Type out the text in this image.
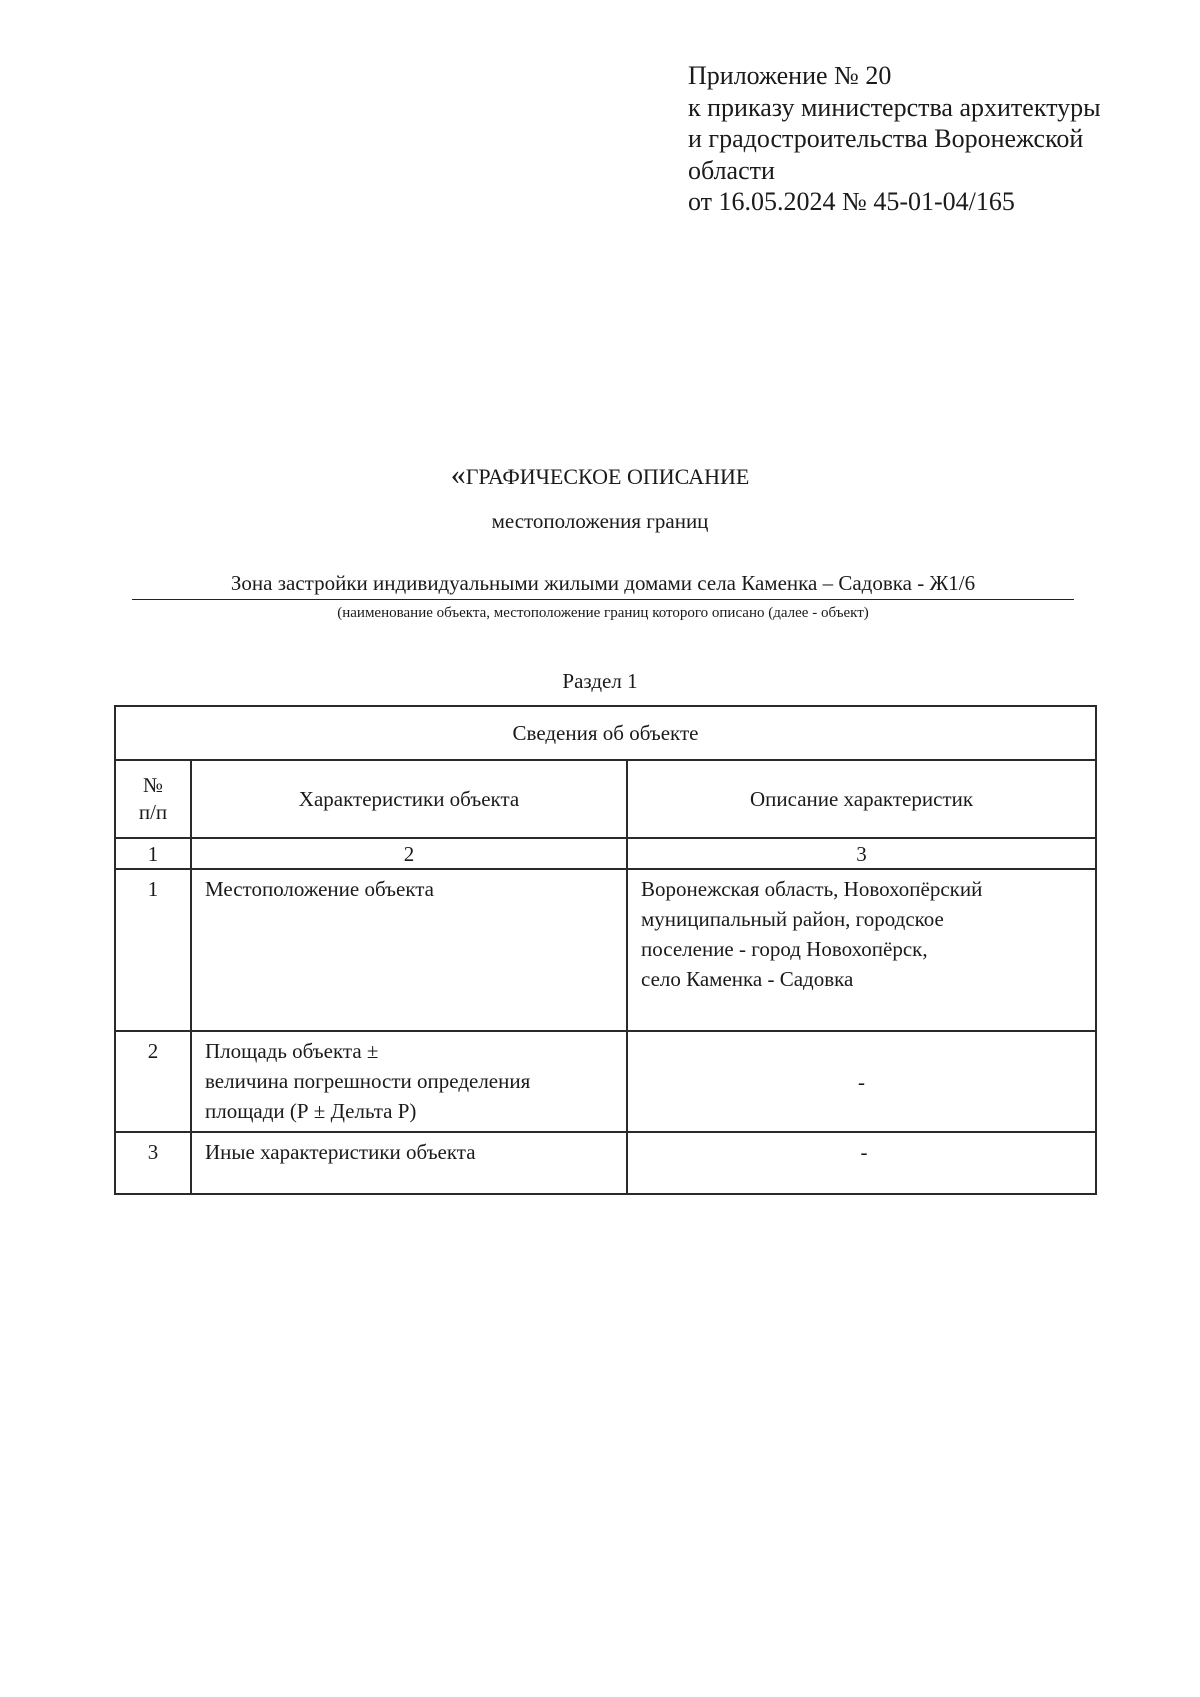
Приложение № 20
к приказу министерства архитектуры
и градостроительства Воронежской
области
от 16.05.2024 № 45-01-04/165
«ГРАФИЧЕСКОЕ ОПИСАНИЕ
местоположения границ
Зона застройки индивидуальными жилыми домами села Каменка – Садовка - Ж1/6
(наименование объекта, местоположение границ которого описано (далее - объект)
Раздел 1
Сведения об объекте		

№
п/п	Характеристики объекта	Описание характеристик
1	2	3
1	Местоположение объекта	Воронежская область, Новохопёрский
муниципальный район, городское
поселение - город Новохопёрск,
село Каменка - Садовка

2	Площадь объекта ±
величина погрешности определения
площади (Р ± Дельта Р)	-

3	Иные характеристики объекта	-
